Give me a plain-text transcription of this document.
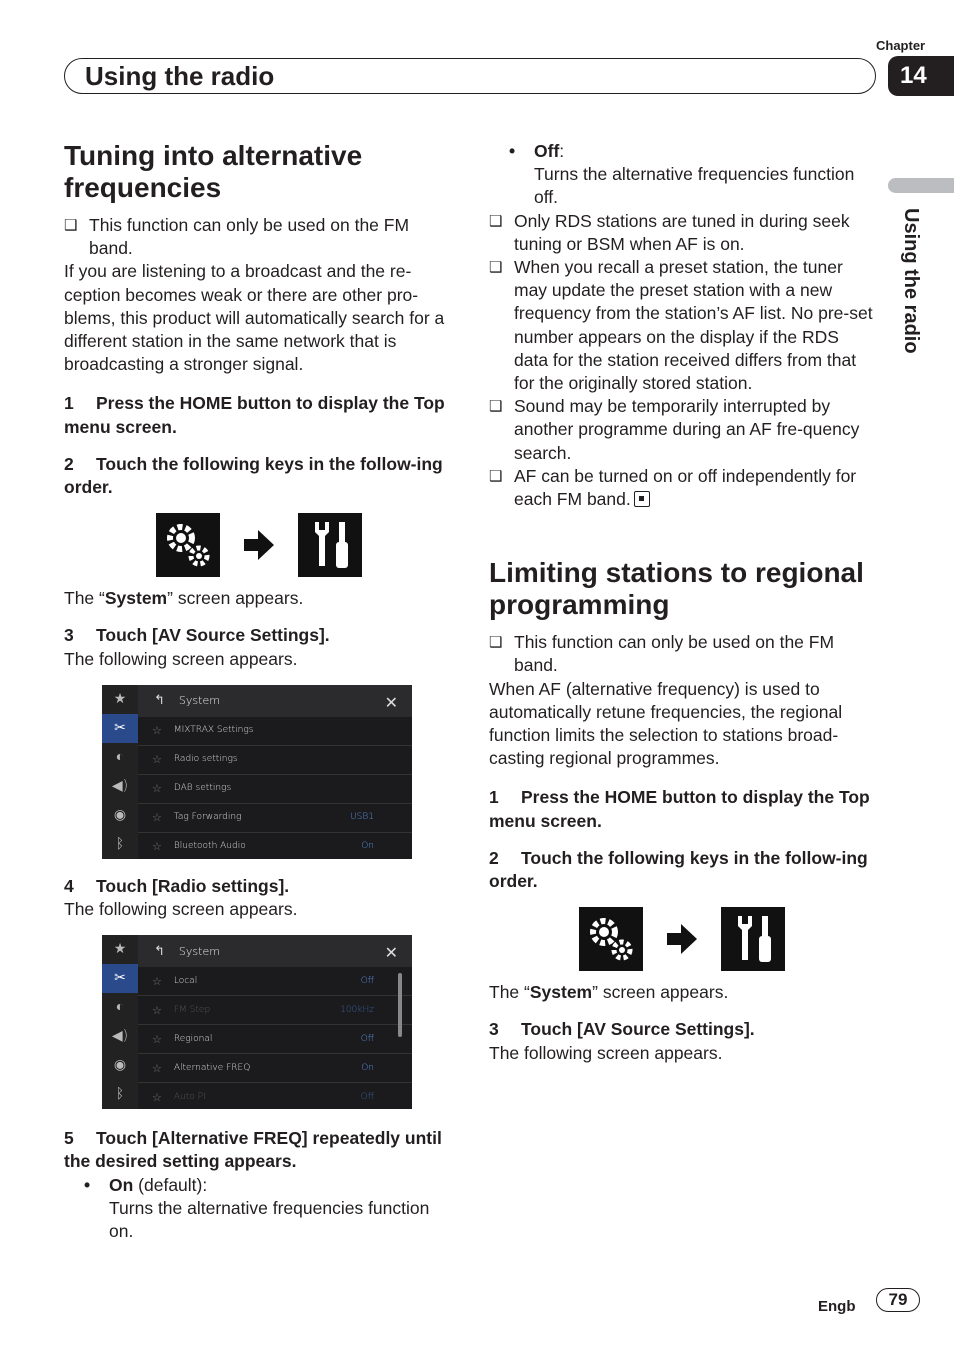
Chapter
14
Using the radio
Using the radio
Tuning into alternative frequencies
❑ This function can only be used on the FM band.
If you are listening to a broadcast and the re-ception becomes weak or there are other pro-blems, this product will automatically search for a different station in the same network that is broadcasting a stronger signal.
1 Press the HOME button to display the Top menu screen.
2 Touch the following keys in the follow-ing order.
The “System” screen appears.
3 Touch [AV Source Settings].
The following screen appears.
★
✂
◐
◀)
◉
ᛒ
↰ System	✕
☆ MIXTRAX Settings
☆ Radio settings
☆ DAB settings
☆ Tag Forwarding	USB1
☆ Bluetooth Audio	On
4 Touch [Radio settings].
The following screen appears.
★
✂
◐
◀)
◉
ᛒ
↰ System	✕
☆ Local	Off
☆ FM Step	100kHz
☆ Regional	Off
☆ Alternative FREQ	On
☆ Auto PI	Off
5 Touch [Alternative FREQ] repeatedly until the desired setting appears.
• On (default):
Turns the alternative frequencies function on.
• Off:
Turns the alternative frequencies function off.
❑ Only RDS stations are tuned in during seek tuning or BSM when AF is on.
❑ When you recall a preset station, the tuner may update the preset station with a new frequency from the station’s AF list. No pre-set number appears on the display if the RDS data for the station received differs from that for the originally stored station.
❑ Sound may be temporarily interrupted by another programme during an AF fre-quency search.
❑ AF can be turned on or off independently for each FM band.
Limiting stations to regional programming
❑ This function can only be used on the FM band.
When AF (alternative frequency) is used to automatically retune frequencies, the regional function limits the selection to stations broad-casting regional programmes.
1 Press the HOME button to display the Top menu screen.
2 Touch the following keys in the follow-ing order.
The “System” screen appears.
3 Touch [AV Source Settings].
The following screen appears.
Engb	79
